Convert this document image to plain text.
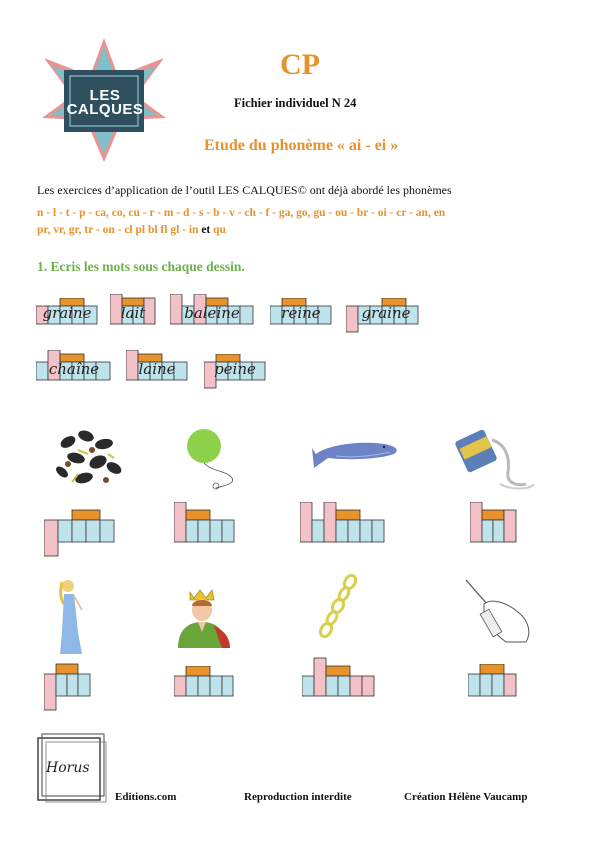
LES
CALQUES
CP
Fichier individuel N 24
Etude du phonème « ai - ei »
Les exercices d’application de l’outil LES CALQUES© ont déjà abordé les phonèmes
n - l - t - p - ca, co, cu - r - m - d - s - b - v - ch - f - ga, go, gu - ou - br - oi - cr - an, en
pr, vr, gr, tr - on - cl pl bl fl gl - in et qu
1. Ecris les mots sous chaque dessin.
graine	lait	baleine	reine	graine
chaîne	laine	peine
Horus
Editions.com	Reproduction interdite	Création Hélène Vaucamp
